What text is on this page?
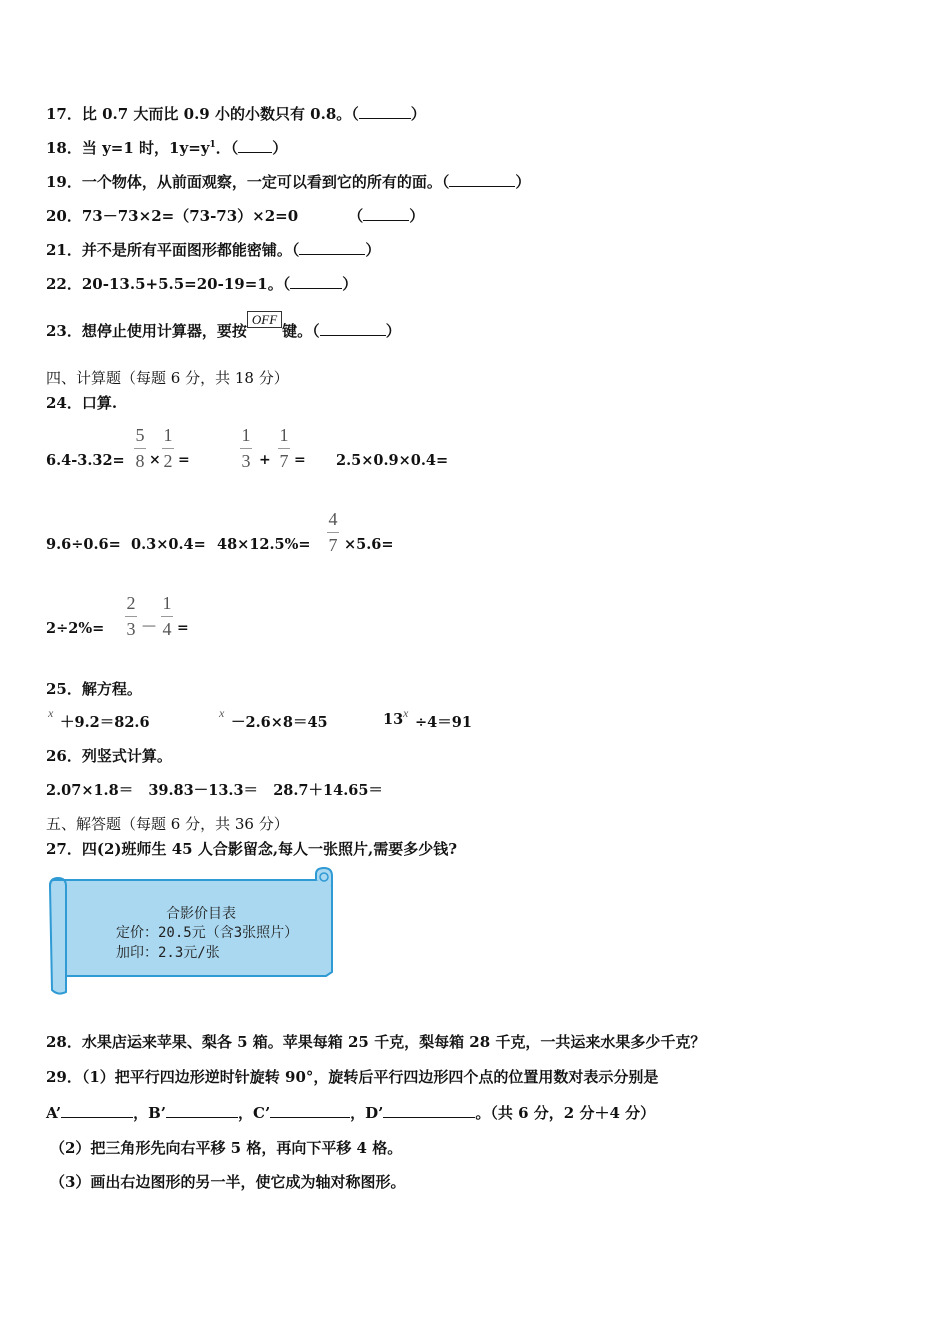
17．比 0.7 大而比 0.9 小的小数只有 0.8。（	）
18．当 y=1 时，$1y=y^1$．（ ）
19．一个物体，从前面观察，一定可以看到它的所有的面。（	）
20．73－73×2=（73-73）×2=0	（	）
21．并不是所有平面图形都能密铺。（	）
22．20-13.5+5.5=20-19=1。（	）
23．想停止使用计算器，要按OFF键。（	）
四、计算题（每题 6 分，共 18 分）
24．口算.
6.4-3.32=
5
8 ×
1
2 =
1
3 +
1
7 = 2.5×0.9×0.4=
9.6÷0.6= 0.3×0.4= 48×12.5%=
4
7 ×5.6=
2÷2%=
2
3 —
1
4 =
25．解方程。
x
＋9.2＝82.6
x
－2.6×8＝45	13 x
÷4＝91
26．列竖式计算。
2.07×1.8＝   39.83－13.3＝   28.7＋14.65＝
五、解答题（每题 6 分，共 36 分）
27．四(2)班师生 45 人合影留念,每人一张照片,需要多少钱?
合影价目表
定价：20.5元（含3张照片）
加印：2.3元/张
28．水果店运来苹果、梨各 5 箱。苹果每箱 25 千克，梨每箱 28 千克，一共运来水果多少千克？
29．（1）把平行四边形逆时针旋转 90°，旋转后平行四边形四个点的位置用数对表示分别是
A’	，B’	，C’	，D’	。（共 6 分，2 分＋4 分）
（2）把三角形先向右平移 5 格，再向下平移 4 格。
（3）画出右边图形的另一半，使它成为轴对称图形。
